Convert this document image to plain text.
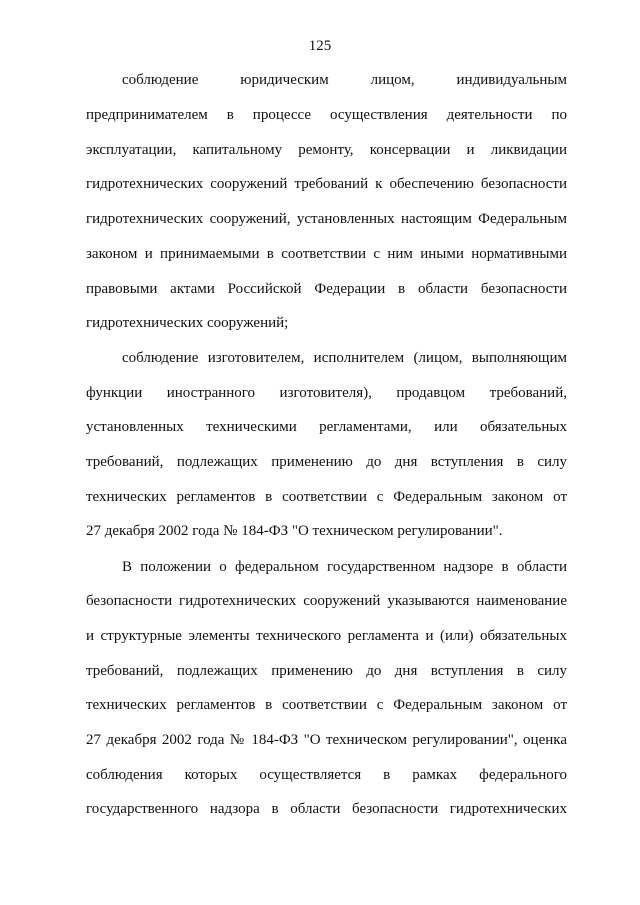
125
соблюдение юридическим лицом, индивидуальным
предпринимателем в процессе осуществления деятельности по
эксплуатации, капитальному ремонту, консервации и ликвидации
гидротехнических сооружений требований к обеспечению безопасности
гидротехнических сооружений, установленных настоящим Федеральным
законом и принимаемыми в соответствии с ним иными нормативными
правовыми актами Российской Федерации в области безопасности
гидротехнических сооружений;
соблюдение изготовителем, исполнителем (лицом, выполняющим
функции иностранного изготовителя), продавцом требований,
установленных техническими регламентами, или обязательных
требований, подлежащих применению до дня вступления в силу
технических регламентов в соответствии с Федеральным законом от
27 декабря 2002 года № 184-ФЗ "О техническом регулировании".
В положении о федеральном государственном надзоре в области
безопасности гидротехнических сооружений указываются наименование
и структурные элементы технического регламента и (или) обязательных
требований, подлежащих применению до дня вступления в силу
технических регламентов в соответствии с Федеральным законом от
27 декабря 2002 года № 184-ФЗ "О техническом регулировании", оценка
соблюдения которых осуществляется в рамках федерального
государственного надзора в области безопасности гидротехнических
